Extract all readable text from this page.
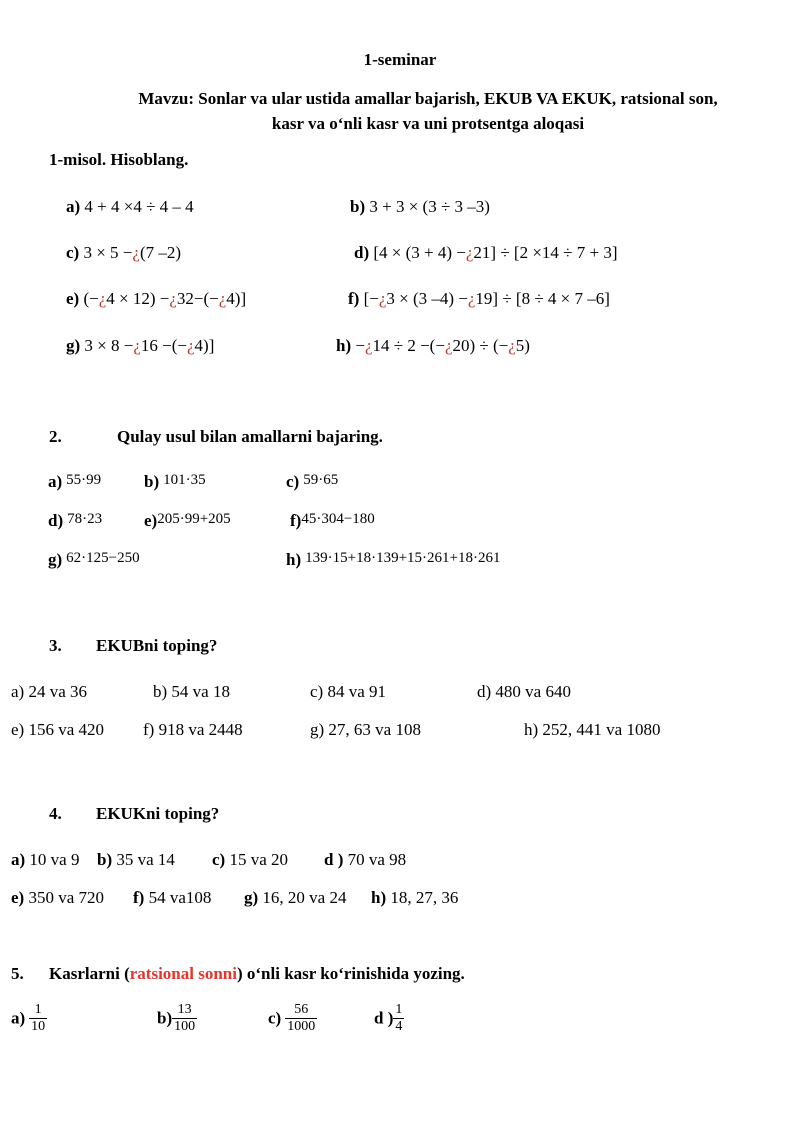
1-seminar
Mavzu: Sonlar va ular ustida amallar bajarish, EKUB VA EKUK, ratsional son,
kasr va o‘nli kasr va uni protsentga aloqasi
1-misol. Hisoblang.
a) 4 + 4 ×4 ÷ 4 – 4	b) 3 + 3 × (3 ÷ 3 –3)
c) 3 × 5 −¿(7 –2)	d) [4 × (3 + 4) −¿21] ÷ [2 ×14 ÷ 7 + 3]
e) (−¿4 × 12) −¿32−(−¿4)]	f) [−¿3 × (3 –4) −¿19] ÷ [8 ÷ 4 × 7 –6]
g) 3 × 8 −¿16 −(−¿4)]	h) −¿14 ÷ 2 −(−¿20) ÷ (−¿5)
2.	Qulay usul bilan amallarni bajaring.
a) 55·99	b) 101·35	c) 59·65
d) 78·23 e)205·99+205	f)45·304−180
g) 62·125−250	h) 139·15+18·139+15·261+18·261
3. EKUBni toping?
a) 24 va 36	b) 54 va 18	c) 84 va 91	d) 480 va 640
e) 156 va 420 f) 918 va 2448	g) 27, 63 va 108	h) 252, 441 va 1080
4. EKUKni toping?
a) 10 va 9 b) 35 va 14 c) 15 va 20 d ) 70 va 98
e) 350 va 720 f) 54 va108 g) 16, 20 va 24 h) 18, 27, 36
5. Kasrlarni (ratsional sonni) o‘nli kasr ko‘rinishida yozing.
$a) \frac{1}{10}$	$b) \frac{13}{100}$	$c) \frac{56}{1000}$	d ) $\frac{1}{4}$
